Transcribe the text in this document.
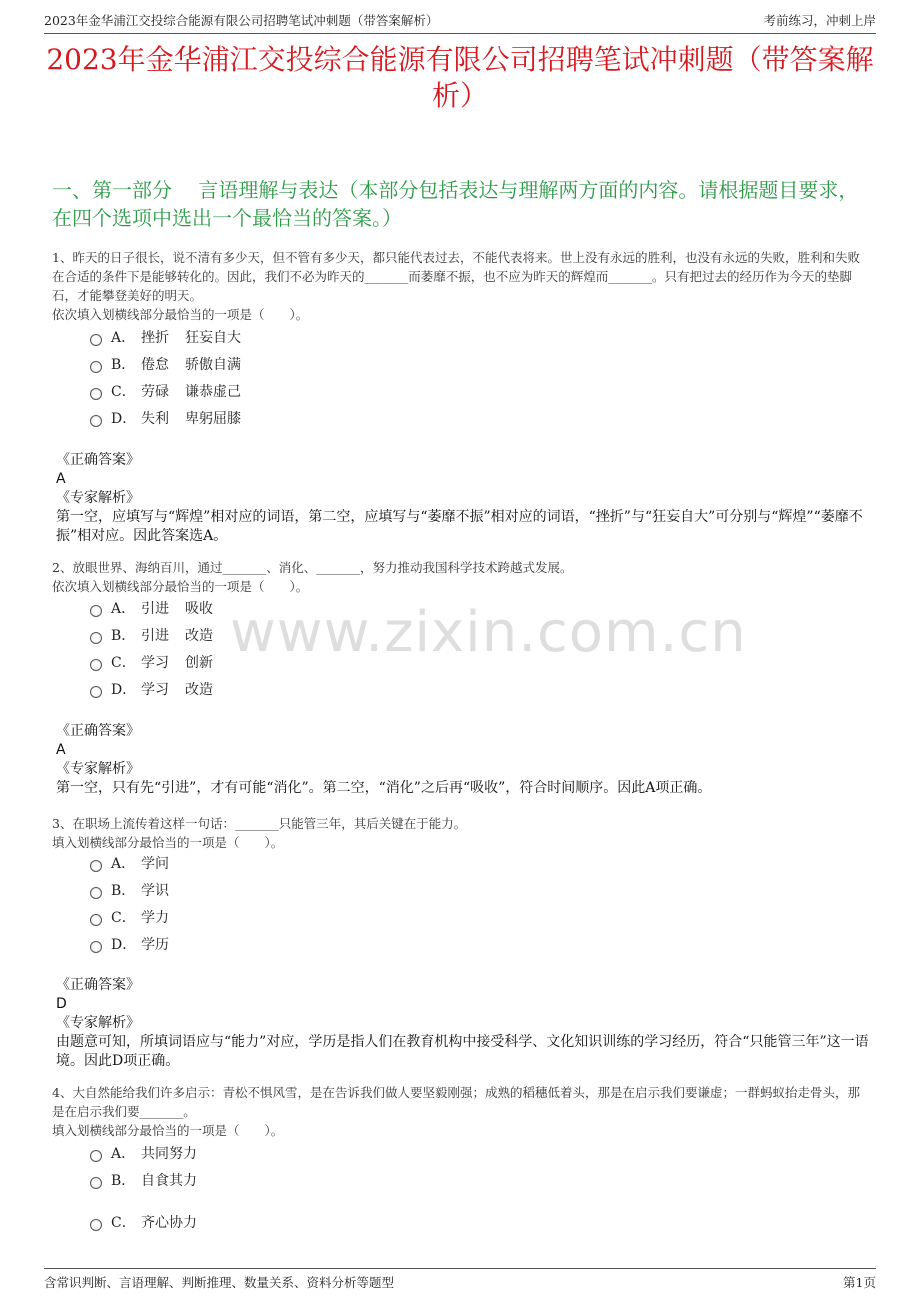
2023年金华浦江交投综合能源有限公司招聘笔试冲刺题（带答案解析）	考前练习，冲刺上岸
2023年金华浦江交投综合能源有限公司招聘笔试冲刺题（带答案解析）
一、第一部分　 言语理解与表达（本部分包括表达与理解两方面的内容。请根据题目要求，在四个选项中选出一个最恰当的答案。）
www.zixin.com.cn
1、昨天的日子很长，说不清有多少天，但不管有多少天，都只能代表过去，不能代表将来。世上没有永远的胜利，也没有永远的失败，胜利和失败在合适的条件下是能够转化的。因此，我们不必为昨天的_______而萎靡不振，也不应为昨天的辉煌而_______。只有把过去的经历作为今天的垫脚石，才能攀登美好的明天。
依次填入划横线部分最恰当的一项是（　　）。
A． 挫折 狂妄自大
B． 倦怠 骄傲自满
C． 劳碌 谦恭虚己
D． 失利 卑躬屈膝
《正确答案》
A
《专家解析》
第一空，应填写与“辉煌”相对应的词语，第二空，应填写与“萎靡不振”相对应的词语，“挫折”与“狂妄自大”可分别与“辉煌”“萎靡不振”相对应。因此答案选A。
2、放眼世界、海纳百川，通过_______、消化、_______，努力推动我国科学技术跨越式发展。
依次填入划横线部分最恰当的一项是（　　）。
A． 引进 吸收
B． 引进 改造
C． 学习 创新
D． 学习 改造
《正确答案》
A
《专家解析》
第一空，只有先“引进”，才有可能“消化”。第二空，“消化”之后再“吸收”，符合时间顺序。因此A项正确。
3、在职场上流传着这样一句话：_______只能管三年，其后关键在于能力。
填入划横线部分最恰当的一项是（　　）。
A． 学问
B． 学识
C． 学力
D． 学历
《正确答案》
D
《专家解析》
由题意可知，所填词语应与“能力”对应，学历是指人们在教育机构中接受科学、文化知识训练的学习经历，符合“只能管三年”这一语境。因此D项正确。
4、大自然能给我们许多启示：青松不惧风雪，是在告诉我们做人要坚毅刚强；成熟的稻穗低着头，那是在启示我们要谦虚；一群蚂蚁抬走骨头，那是在启示我们要_______。
填入划横线部分最恰当的一项是（　　）。
A． 共同努力
B． 自食其力
C． 齐心协力
含常识判断、言语理解、判断推理、数量关系、资料分析等题型	第1页
